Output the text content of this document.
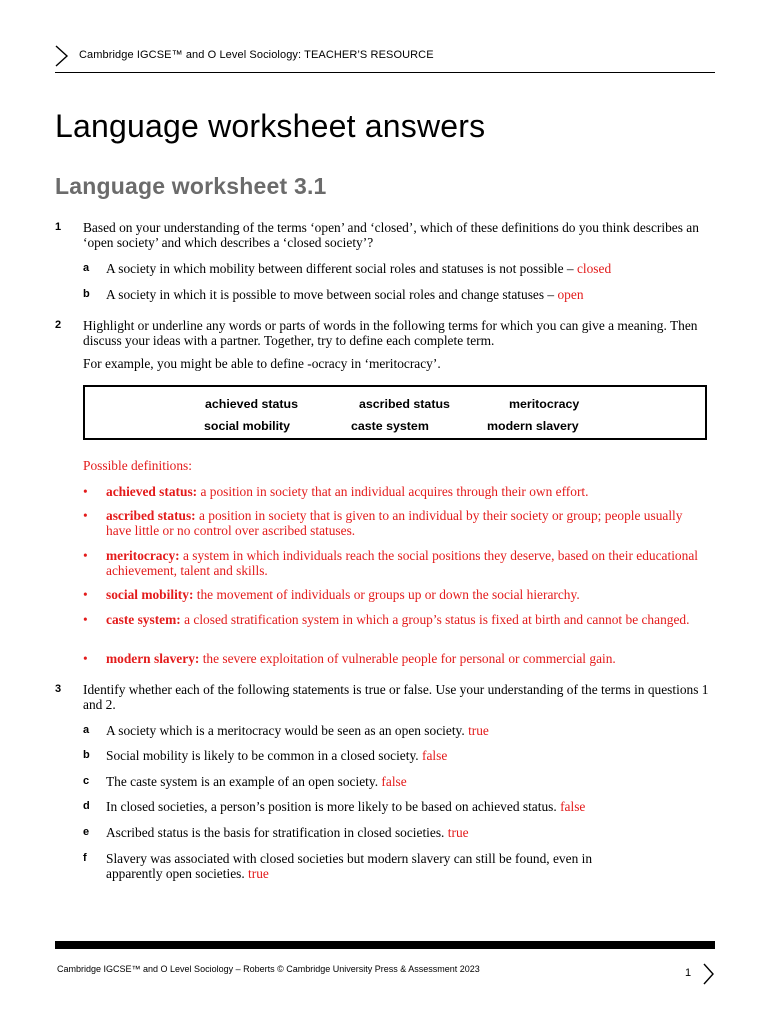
Cambridge IGCSE™ and O Level Sociology: TEACHER’S RESOURCE
Language worksheet answers
Language worksheet 3.1
1 Based on your understanding of the terms ‘open’ and ‘closed’, which of these definitions do you think describes an ‘open society’ and which describes a ‘closed society’?
a A society in which mobility between different social roles and statuses is not possible – closed
b A society in which it is possible to move between social roles and change statuses – open
2 Highlight or underline any words or parts of words in the following terms for which you can give a meaning. Then discuss your ideas with a partner. Together, try to define each complete term.
For example, you might be able to define -ocracy in ‘meritocracy’.
achieved status	ascribed status	meritocracy
social mobility	caste system	modern slavery
Possible definitions:
• achieved status: a position in society that an individual acquires through their own effort.
• ascribed status: a position in society that is given to an individual by their society or group; people usually have little or no control over ascribed statuses.
• meritocracy: a system in which individuals reach the social positions they deserve, based on their educational achievement, talent and skills.
• social mobility: the movement of individuals or groups up or down the social hierarchy.
• caste system: a closed stratification system in which a group’s status is fixed at birth and cannot be changed.
• modern slavery: the severe exploitation of vulnerable people for personal or commercial gain.
3 Identify whether each of the following statements is true or false. Use your understanding of the terms in questions 1 and 2.
a A society which is a meritocracy would be seen as an open society. true
b Social mobility is likely to be common in a closed society. false
c The caste system is an example of an open society. false
d In closed societies, a person’s position is more likely to be based on achieved status. false
e Ascribed status is the basis for stratification in closed societies. true
f Slavery was associated with closed societies but modern slavery can still be found, even in apparently open societies. true
Cambridge IGCSE™ and O Level Sociology – Roberts © Cambridge University Press & Assessment 2023	1
